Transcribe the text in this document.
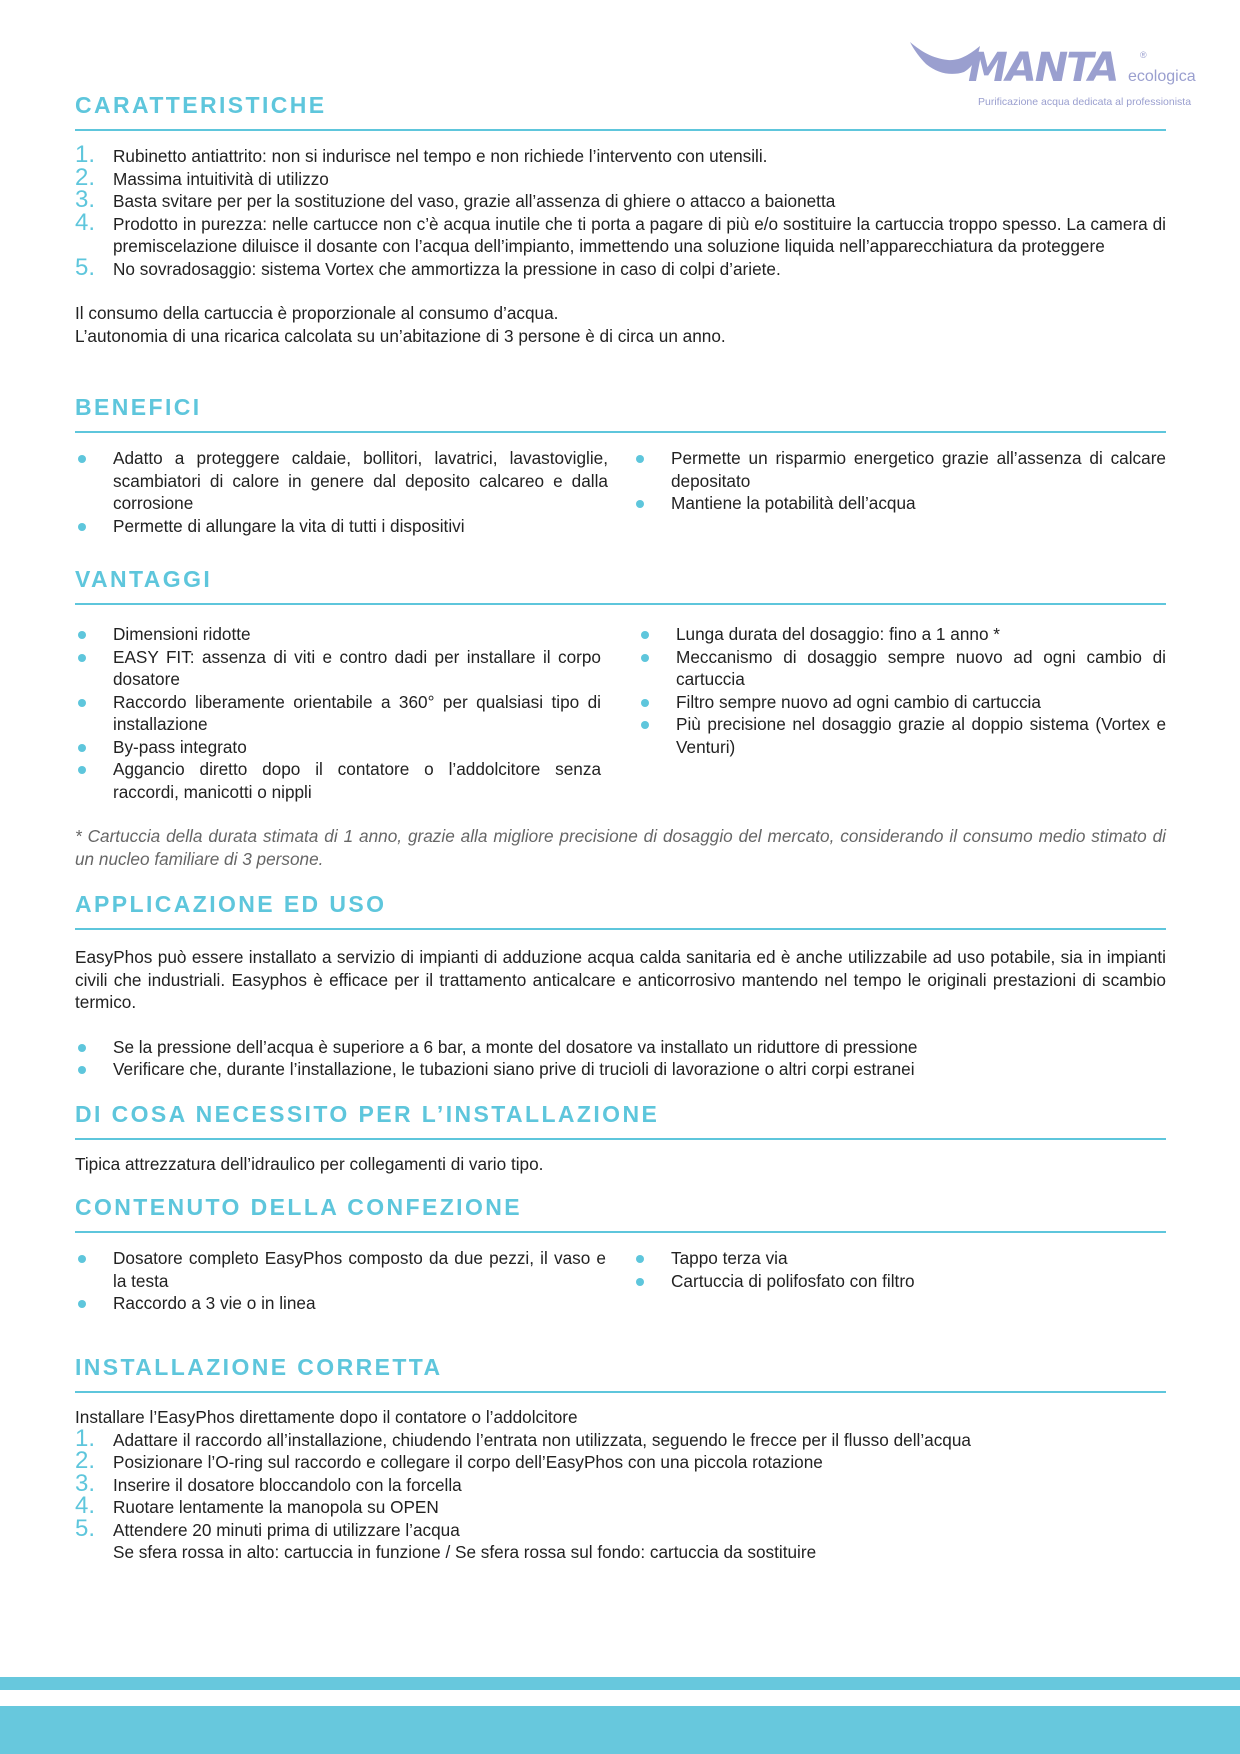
MANTA	®
ecologica
Purificazione acqua dedicata al professionista
CARATTERISTICHE
1. Rubinetto antiattrito: non si indurisce nel tempo e non richiede l’intervento con utensili.
2. Massima intuitività di utilizzo
3. Basta svitare per per la sostituzione del vaso, grazie all’assenza di ghiere o attacco a baionetta
4. Prodotto in purezza: nelle cartucce non c’è acqua inutile che ti porta a pagare di più e/o sostituire la cartuccia troppo spesso. La camera di premiscelazione diluisce il dosante con l’acqua dell’impianto, immettendo una soluzione liquida nell’apparecchiatura da proteggere
5. No sovradosaggio: sistema Vortex che ammortizza la pressione in caso di colpi d’ariete.

Il consumo della cartuccia è proporzionale al consumo d’acqua.

L’autonomia di una ricarica calcolata su un’abitazione di 3 persone è di circa un anno.

BENEFICI
Adatto a proteggere caldaie, bollitori, lavatrici, lavastoviglie, scambiatori di calore in genere dal deposito calcareo e dalla corrosione
Permette di allungare la vita di tutti i dispositivi
Permette un risparmio energetico grazie all’assenza di calcare depositato
Mantiene la potabilità dell’acqua
VANTAGGI
Dimensioni ridotte
EASY FIT: assenza di viti e contro dadi per installare il corpo dosatore
Raccordo liberamente orientabile a 360° per qualsiasi tipo di installazione
By-pass integrato
Aggancio diretto dopo il contatore o l’addolcitore senza raccordi, manicotti o nippli
Lunga durata del dosaggio: fino a 1 anno *
Meccanismo di dosaggio sempre nuovo ad ogni cambio di cartuccia
Filtro sempre nuovo ad ogni cambio di cartuccia
Più precisione nel dosaggio grazie al doppio sistema (Vortex e Venturi)

* Cartuccia della durata stimata di 1 anno, grazie alla migliore precisione di dosaggio del mercato, considerando il consumo medio stimato di un nucleo familiare di 3 persone.

APPLICAZIONE ED USO

EasyPhos può essere installato a servizio di impianti di adduzione acqua calda sanitaria ed è anche utilizzabile ad uso potabile, sia in impianti civili che industriali. Easyphos è efficace per il trattamento anticalcare e anticorrosivo mantendo nel tempo le originali prestazioni di scambio termico.

Se la pressione dell’acqua è superiore a 6 bar, a monte del dosatore va installato un riduttore di pressione
Verificare che, durante l’installazione, le tubazioni siano prive di trucioli di lavorazione o altri corpi estranei
DI COSA NECESSITO PER L’INSTALLAZIONE

Tipica attrezzatura dell’idraulico per collegamenti di vario tipo.

CONTENUTO DELLA CONFEZIONE
Dosatore completo EasyPhos composto da due pezzi, il vaso e la testa
Raccordo a 3 vie o in linea
Tappo terza via
Cartuccia di polifosfato con filtro
INSTALLAZIONE CORRETTA

Installare l’EasyPhos direttamente dopo il contatore o l’addolcitore

1. Adattare il raccordo all’installazione, chiudendo l’entrata non utilizzata, seguendo le frecce per il flusso dell’acqua
2. Posizionare l’O-ring sul raccordo e collegare il corpo dell’EasyPhos con una piccola rotazione
3. Inserire il dosatore bloccandolo con la forcella
4. Ruotare lentamente la manopola su OPEN
5. Attendere 20 minuti prima di utilizzare l’acqua

Se sfera rossa in alto: cartuccia in funzione / Se sfera rossa sul fondo: cartuccia da sostituire
